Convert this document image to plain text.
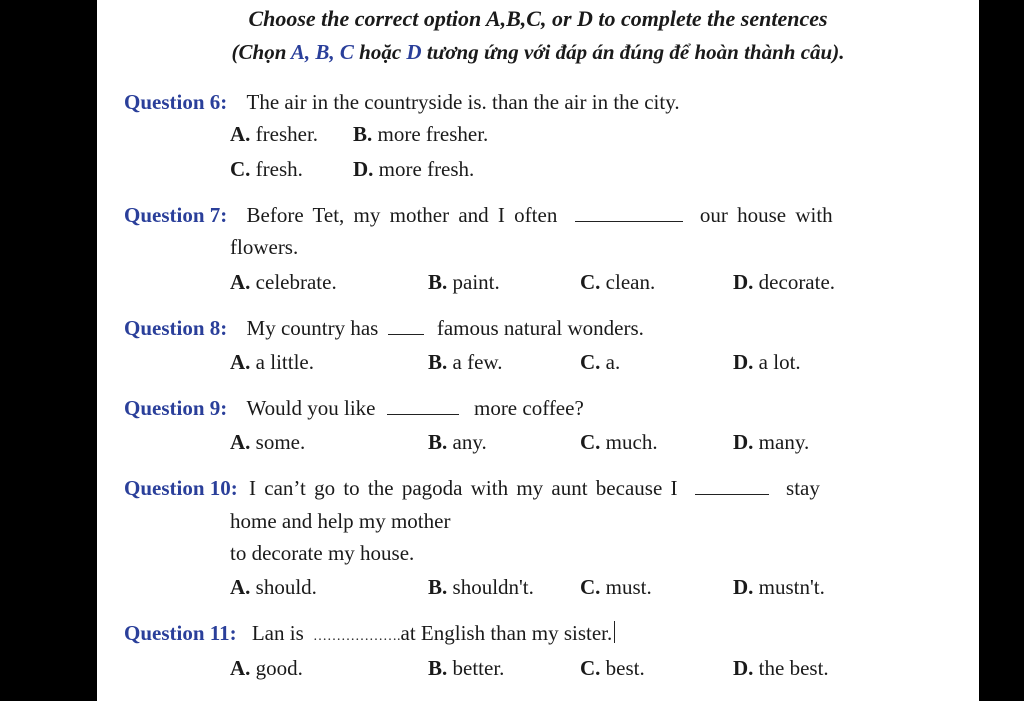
Choose the correct option A,B,C, or D to complete the sentences
(Chọn A, B, C hoặc D tương ứng với đáp án đúng để hoàn thành câu).
Question 6: The air in the countryside is. than the air in the city.
A. fresher. B. more fresher.
C. fresh. D. more fresh.
Question 7: Before Tet, my mother and I often	our house with
flowers.
A. celebrate.	B. paint.	C. clean.	D. decorate.
Question 8: My country has	famous natural wonders.
A. a little.	B. a few.	C. a.	D. a lot.
Question 9: Would you like	more coffee?
A. some.	B. any.	C. much.	D. many.
Question 10: I can’t go to the pagoda with my aunt because I	stay
home and help my mother
to decorate my house.
A. should.	B. shouldn't. C. must.	D. mustn't.
Question 11: Lan is ……………….at English than my sister.
A. good.	B. better.	C. best.	D. the best.
